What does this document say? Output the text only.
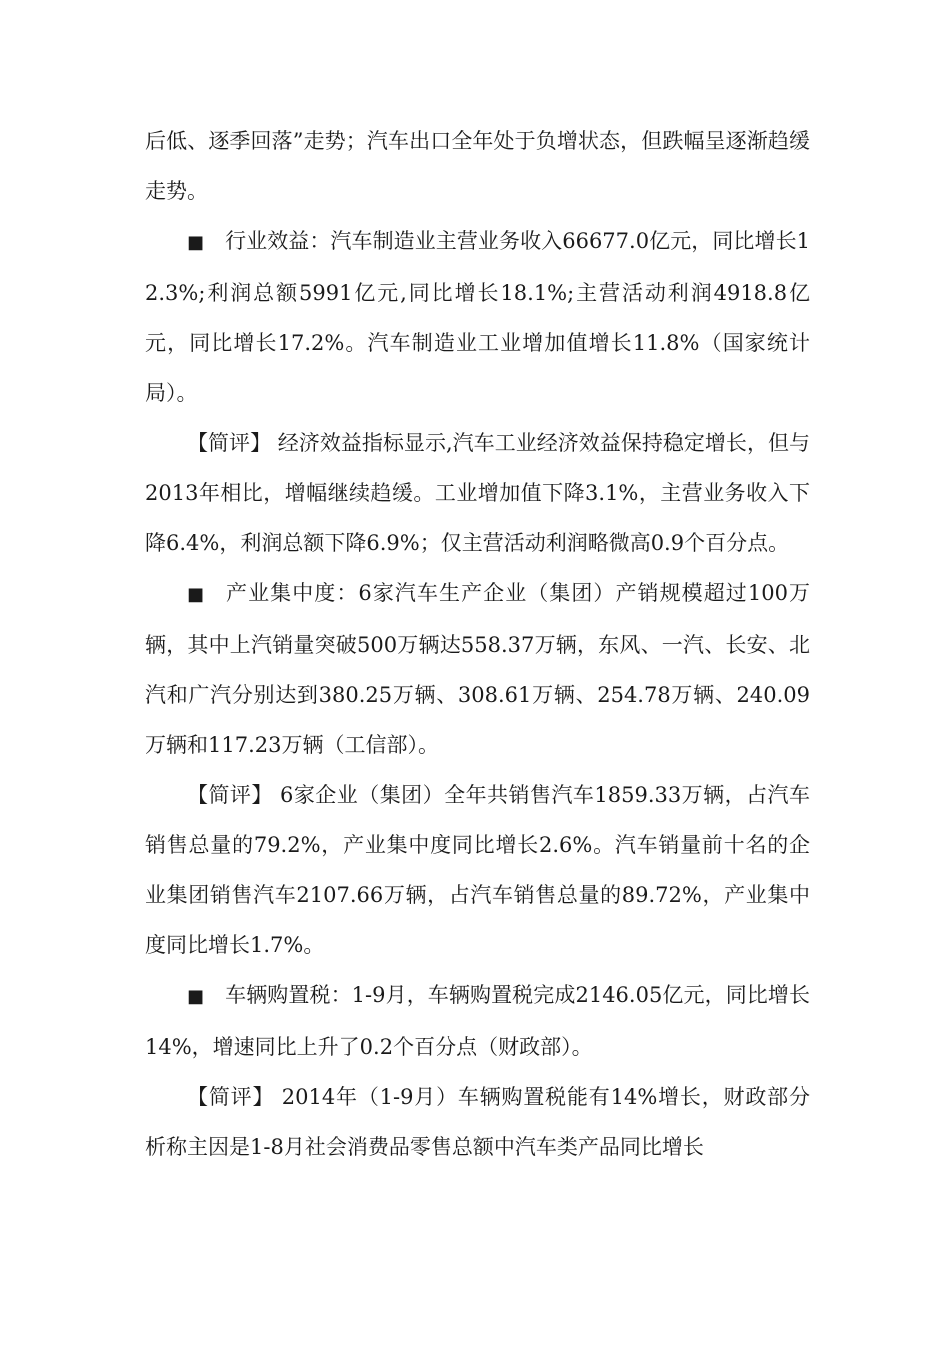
后低、逐季回落”走势；汽车出口全年处于负增状态，但跌幅呈逐渐趋缓走势。

■ 行业效益：汽车制造业主营业务收入66677.0亿元，同比增长12.3%;利润总额5991亿元,同比增长18.1%;主营活动利润4918.8亿元，同比增长17.2%。汽车制造业工业增加值增长11.8%（国家统计局）。

【简评】 经济效益指标显示,汽车工业经济效益保持稳定增长，但与2013年相比，增幅继续趋缓。工业增加值下降3.1%，主营业务收入下降6.4%，利润总额下降6.9%；仅主营活动利润略微高0.9个百分点。

■ 产业集中度：6家汽车生产企业（集团）产销规模超过100万辆，其中上汽销量突破500万辆达558.37万辆，东风、一汽、长安、北汽和广汽分别达到380.25万辆、308.61万辆、254.78万辆、240.09万辆和117.23万辆（工信部）。

【简评】 6家企业（集团）全年共销售汽车1859.33万辆，占汽车销售总量的79.2%，产业集中度同比增长2.6%。汽车销量前十名的企业集团销售汽车2107.66万辆，占汽车销售总量的89.72%，产业集中度同比增长1.7%。

■ 车辆购置税：1-9月，车辆购置税完成2146.05亿元，同比增长14%，增速同比上升了0.2个百分点（财政部）。

【简评】 2014年（1-9月）车辆购置税能有14%增长，财政部分析称主因是1-8月社会消费品零售总额中汽车类产品同比增长
